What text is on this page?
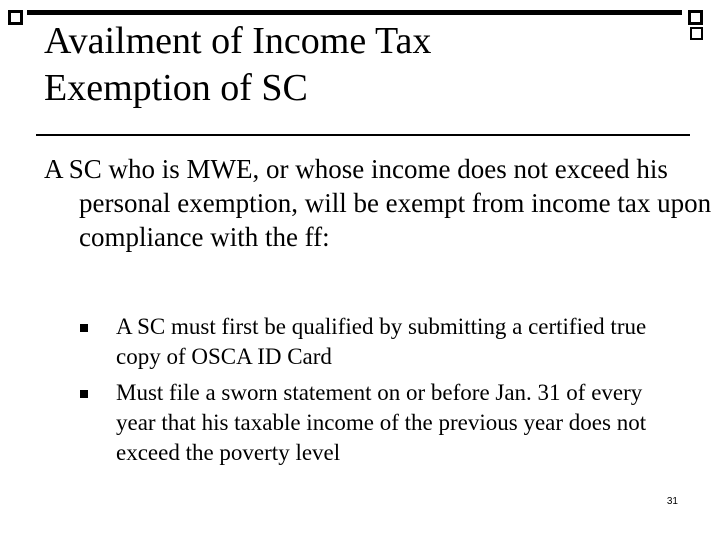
Availment of Income Tax
Exemption of SC

A SC who is MWE, or whose income does not exceed his personal exemption, will be exempt from income tax upon compliance with the ff:

A SC must first be qualified by submitting a certified true copy of OSCA ID Card
Must file a sworn statement on or before Jan. 31 of every year that his taxable income of the previous year does not exceed the poverty level
31
